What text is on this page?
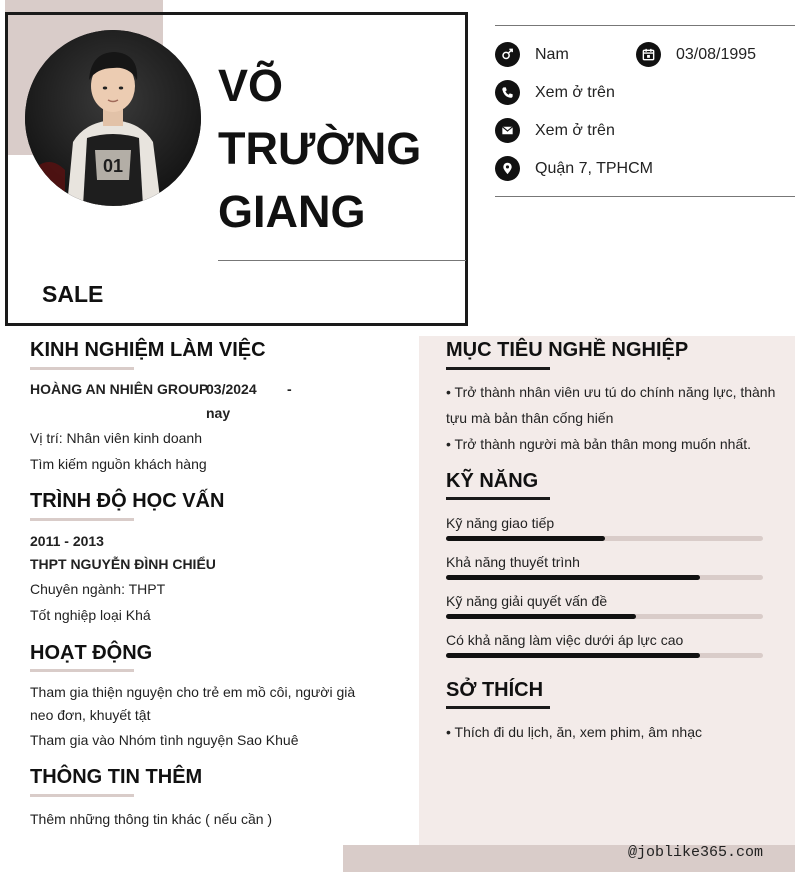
01
VÕ
TRƯỜNG
GIANG
SALE
Nam	03/08/1995
Xem ở trên
Xem ở trên
Quận 7, TPHCM
KINH NGHIỆM LÀM VIỆC
HOÀNG AN NHIÊN GROUP
03/2024 -
nay
Vị trí: Nhân viên kinh doanh
Tìm kiếm nguồn khách hàng
TRÌNH ĐỘ HỌC VẤN
2011 - 2013
THPT NGUYỄN ĐÌNH CHIỂU
Chuyên ngành: THPT
Tốt nghiệp loại Khá
HOẠT ĐỘNG
Tham gia thiện nguyện cho trẻ em mồ côi, người già
neo đơn, khuyết tật
Tham gia vào Nhóm tình nguyện Sao Khuê
THÔNG TIN THÊM
Thêm những thông tin khác ( nếu cần )
MỤC TIÊU NGHỀ NGHIỆP
• Trở thành nhân viên ưu tú do chính năng lực, thành
tựu mà bản thân cống hiến
• Trở thành người mà bản thân mong muốn nhất.
KỸ NĂNG
Kỹ năng giao tiếp
Khả năng thuyết trình
Kỹ năng giải quyết vấn đề
Có khả năng làm việc dưới áp lực cao
SỞ THÍCH
• Thích đi du lịch, ăn, xem phim, âm nhạc
@joblike365.com
